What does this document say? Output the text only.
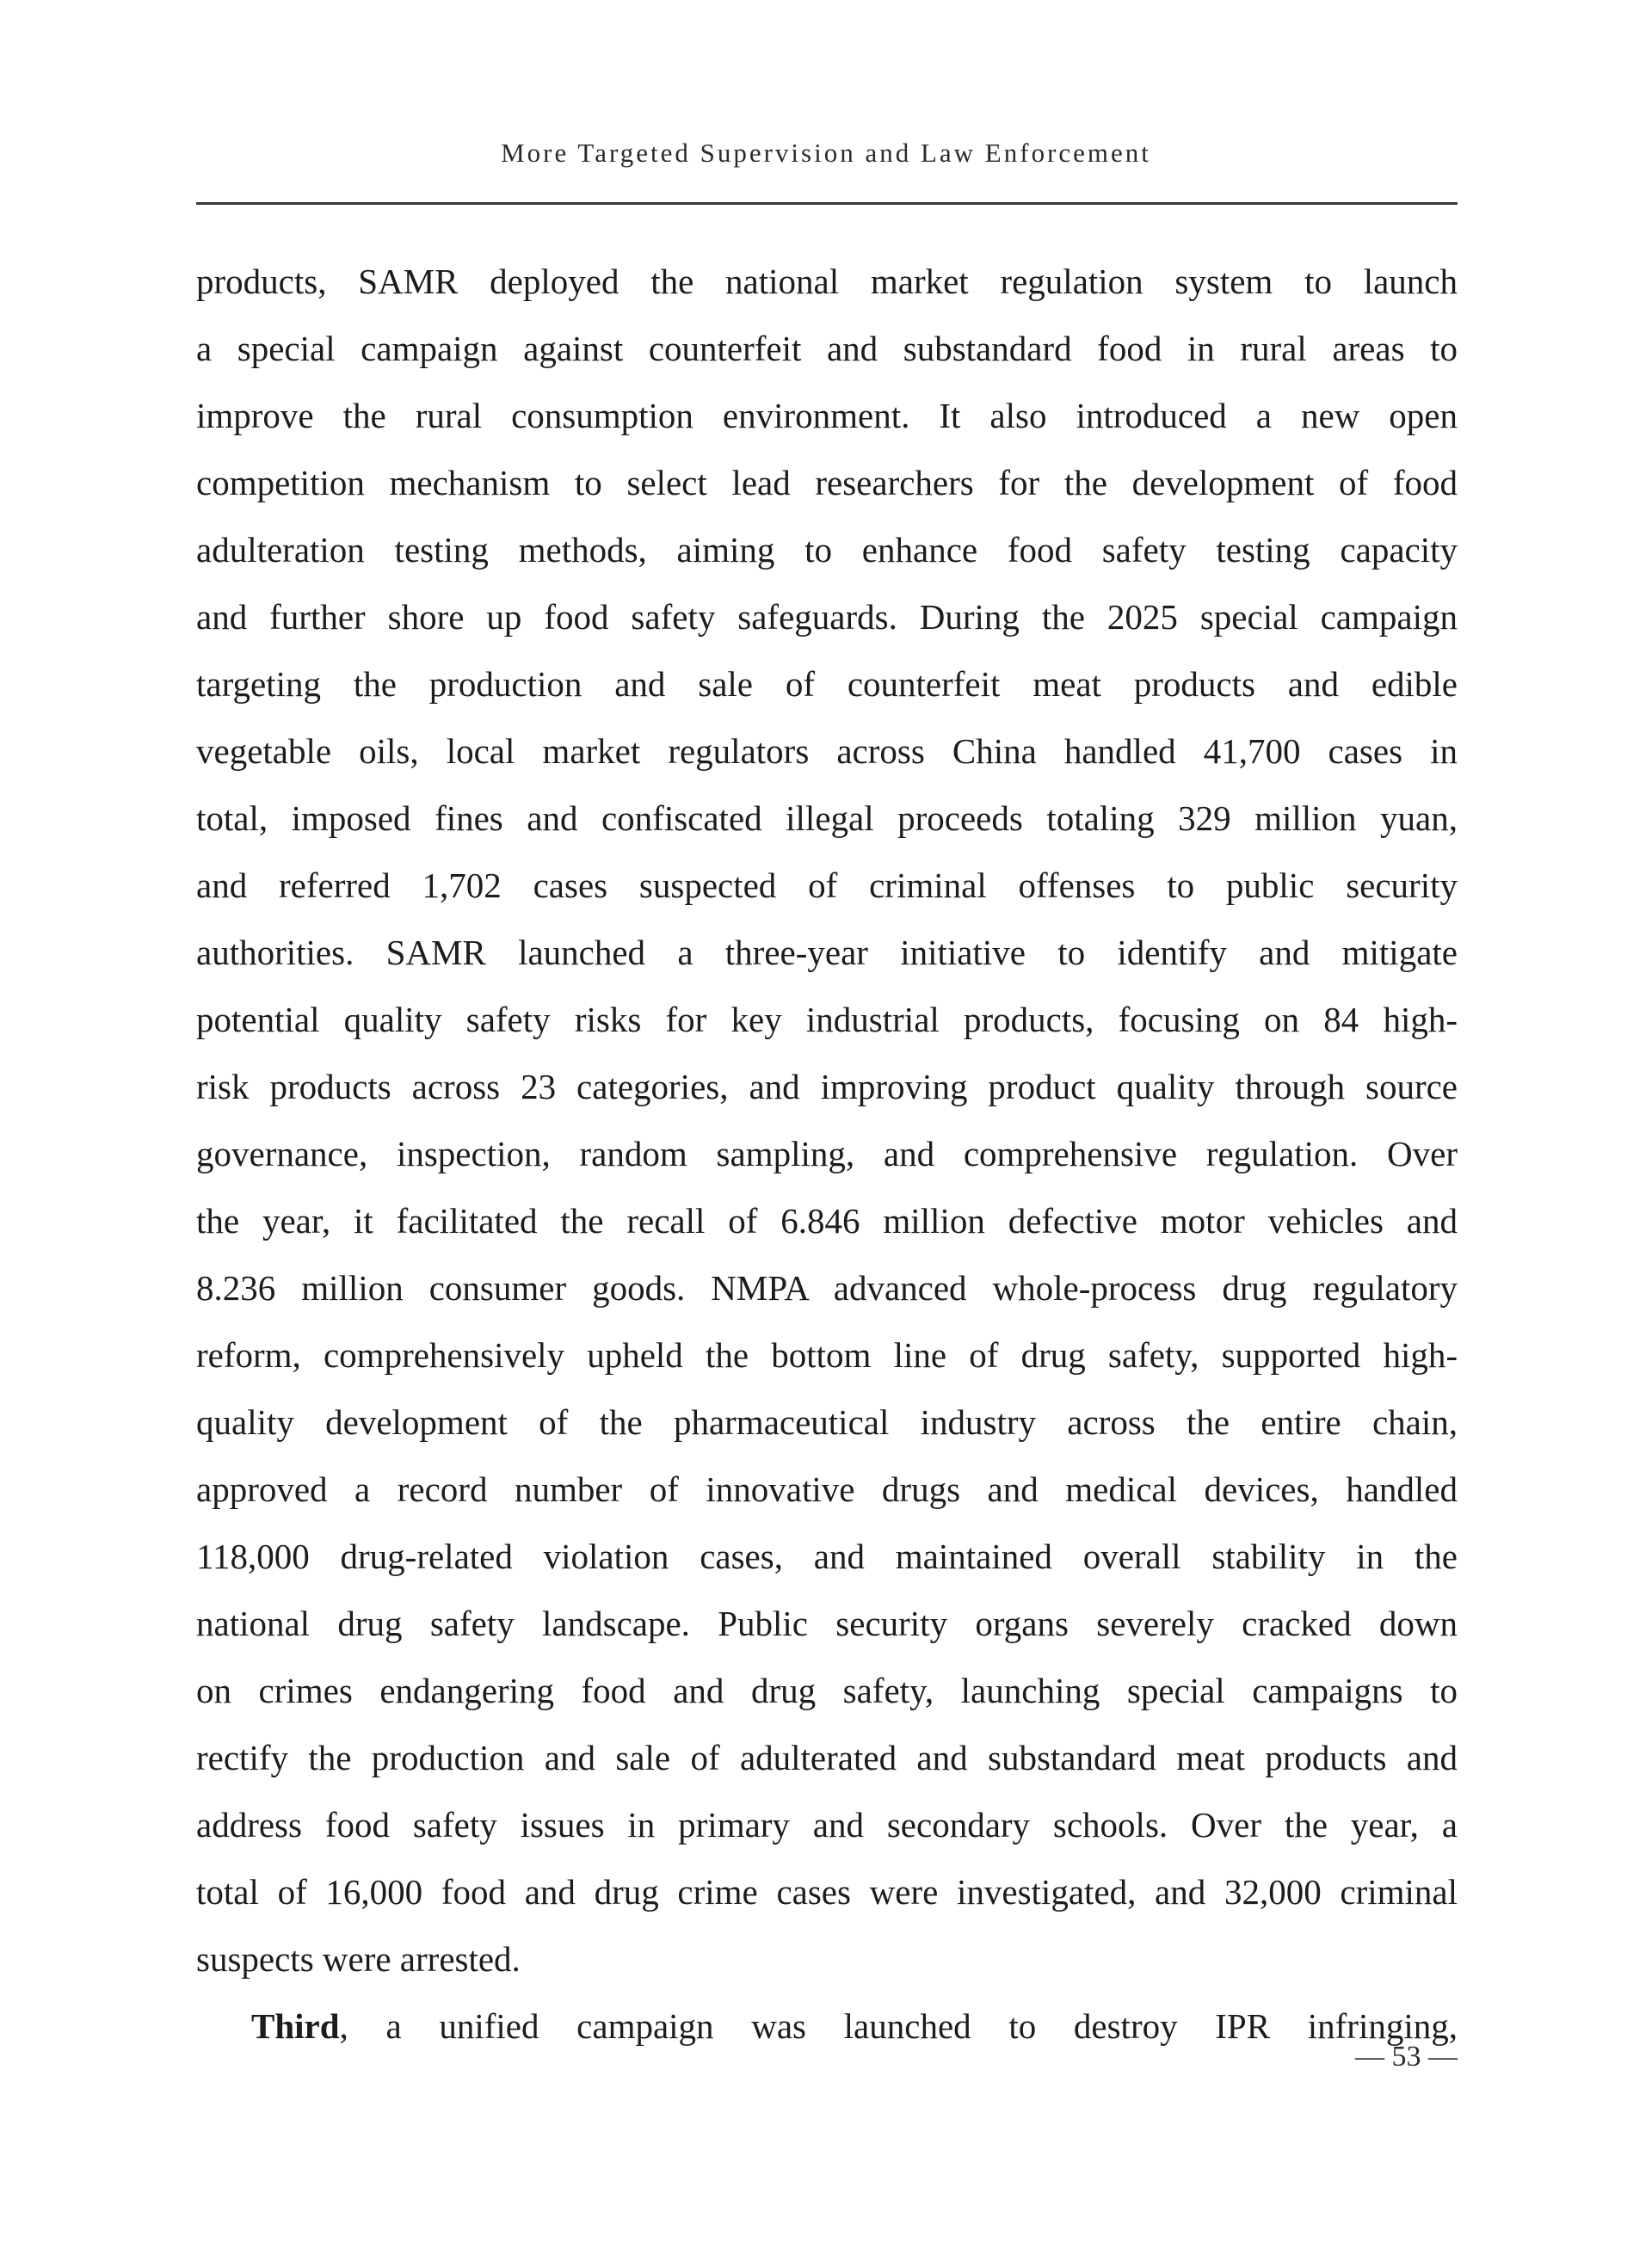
More Targeted Supervision and Law Enforcement
products, SAMR deployed the national market regulation system to launch
a special campaign against counterfeit and substandard food in rural areas to
improve the rural consumption environment. It also introduced a new open
competition mechanism to select lead researchers for the development of food
adulteration testing methods, aiming to enhance food safety testing capacity
and further shore up food safety safeguards. During the 2025 special campaign
targeting the production and sale of counterfeit meat products and edible
vegetable oils, local market regulators across China handled 41,700 cases in
total, imposed fines and confiscated illegal proceeds totaling 329 million yuan,
and referred 1,702 cases suspected of criminal offenses to public security
authorities. SAMR launched a three-year initiative to identify and mitigate
potential quality safety risks for key industrial products, focusing on 84 high-
risk products across 23 categories, and improving product quality through source
governance, inspection, random sampling, and comprehensive regulation. Over
the year, it facilitated the recall of 6.846 million defective motor vehicles and
8.236 million consumer goods. NMPA advanced whole-process drug regulatory
reform, comprehensively upheld the bottom line of drug safety, supported high-
quality development of the pharmaceutical industry across the entire chain,
approved a record number of innovative drugs and medical devices, handled
118,000 drug-related violation cases, and maintained overall stability in the
national drug safety landscape. Public security organs severely cracked down
on crimes endangering food and drug safety, launching special campaigns to
rectify the production and sale of adulterated and substandard meat products and
address food safety issues in primary and secondary schools. Over the year, a
total of 16,000 food and drug crime cases were investigated, and 32,000 criminal
suspects were arrested.
Third, a unified campaign was launched to destroy IPR infringing,
— 53 —
